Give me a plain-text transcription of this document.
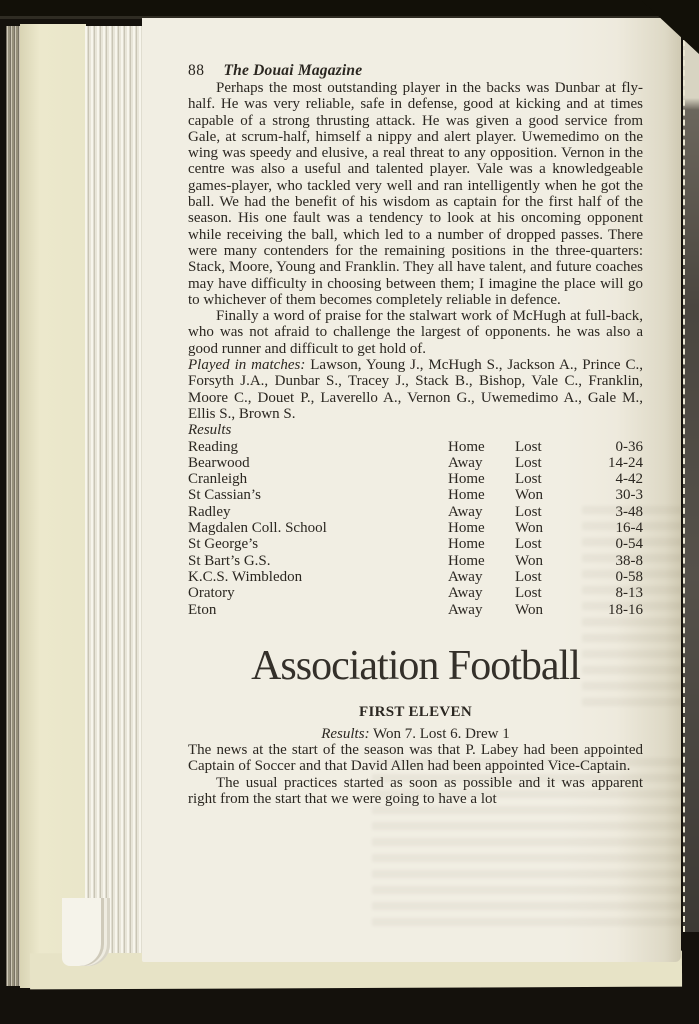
88 The Douai Magazine

Perhaps the most outstanding player in the backs was Dunbar at fly-half. He was very reliable, safe in defense, good at kicking and at times capable of a strong thrusting attack. He was given a good service from Gale, at scrum-half, himself a nippy and alert player. Uwemedimo on the wing was speedy and elusive, a real threat to any opposition. Vernon in the centre was also a useful and talented player. Vale was a knowledgeable games-player, who tackled very well and ran intelligently when he got the ball. We had the benefit of his wisdom as captain for the first half of the season. His one fault was a tendency to look at his oncoming opponent while receiving the ball, which led to a number of dropped passes. There were many contenders for the remaining positions in the three-quarters: Stack, Moore, Young and Franklin. They all have talent, and future coaches may have difficulty in choosing between them; I imagine the place will go to whichever of them becomes completely reliable in defence.

Finally a word of praise for the stalwart work of McHugh at full-back, who was not afraid to challenge the largest of opponents. he was also a good runner and difficult to get hold of.

Played in matches: Lawson, Young J., McHugh S., Jackson A., Prince C., Forsyth J.A., Dunbar S., Tracey J., Stack B., Bishop, Vale C., Franklin, Moore C., Douet P., Laverello A., Vernon G., Uwemedimo A., Gale M., Ellis S., Brown S.

Results

Reading	Home	Lost	0-36
Bearwood	Away	Lost	14-24
Cranleigh	Home	Lost	4-42
St Cassian’s	Home	Won	30-3
Radley	Away	Lost	3-48
Magdalen Coll. School	Home	Won	16-4
St George’s	Home	Lost	0-54
St Bart’s G.S.	Home	Won	38-8
K.C.S. Wimbledon	Away	Lost	0-58
Oratory	Away	Lost	8-13
Eton	Away	Won	18-16
Association Football
FIRST ELEVEN
Results: Won 7. Lost 6. Drew 1

The news at the start of the season was that P. Labey had been appointed Captain of Soccer and that David Allen had been appointed Vice-Captain.

The usual practices started as soon as possible and it was apparent right from the start that we were going to have a lot
